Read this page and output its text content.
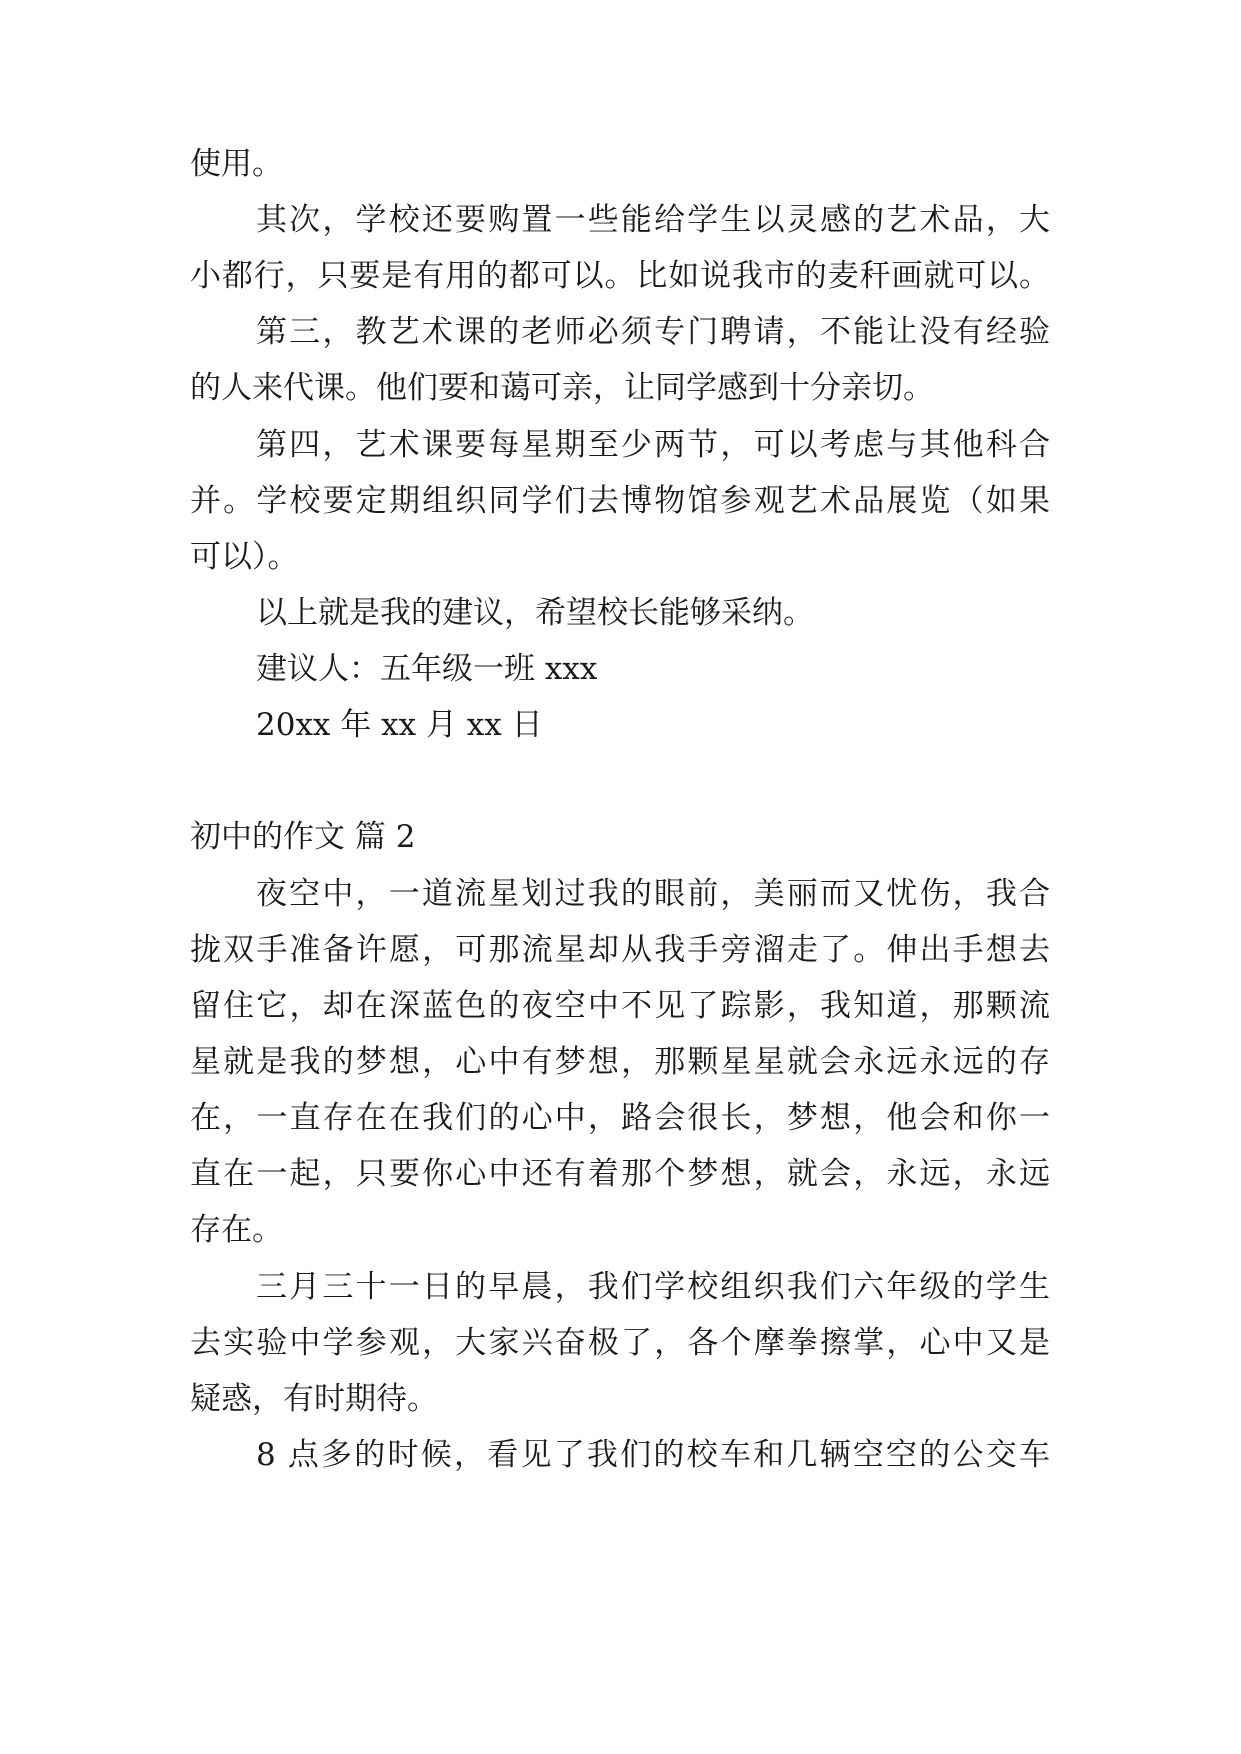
使用。
其次，学校还要购置一些能给学生以灵感的艺术品，大
小都行，只要是有用的都可以。比如说我市的麦秆画就可以。
第三，教艺术课的老师必须专门聘请，不能让没有经验
的人来代课。他们要和蔼可亲，让同学感到十分亲切。
第四，艺术课要每星期至少两节，可以考虑与其他科合
并。学校要定期组织同学们去博物馆参观艺术品展览（如果
可以）。
以上就是我的建议，希望校长能够采纳。
建议人：五年级一班 xxx
20xx 年 xx 月 xx 日
初中的作文 篇 2
夜空中，一道流星划过我的眼前，美丽而又忧伤，我合
拢双手准备许愿，可那流星却从我手旁溜走了。伸出手想去
留住它，却在深蓝色的夜空中不见了踪影，我知道，那颗流
星就是我的梦想，心中有梦想，那颗星星就会永远永远的存
在，一直存在在我们的心中，路会很长，梦想，他会和你一
直在一起，只要你心中还有着那个梦想，就会，永远，永远
存在。
三月三十一日的早晨，我们学校组织我们六年级的学生
去实验中学参观，大家兴奋极了，各个摩拳擦掌，心中又是
疑惑，有时期待。
8 点多的时候，看见了我们的校车和几辆空空的公交车
